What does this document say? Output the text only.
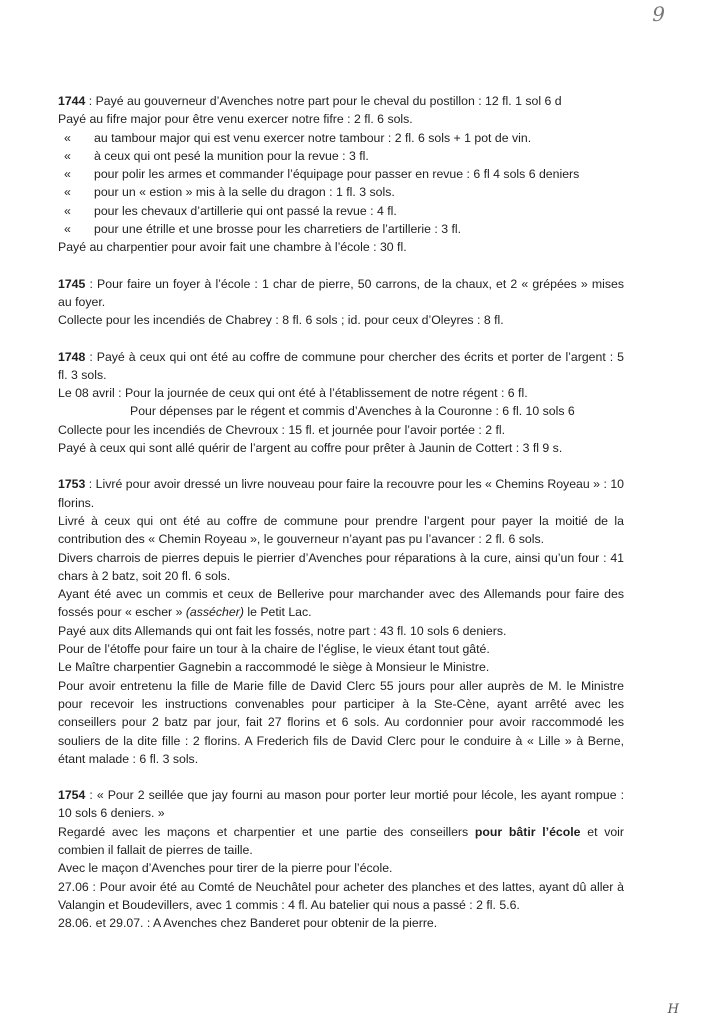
9
1744 : Payé au gouverneur d’Avenches notre part pour le cheval du postillon : 12 fl. 1 sol 6 d
Payé au fifre major pour être venu exercer notre fifre : 2 fl. 6 sols.
« au tambour major qui est venu exercer notre tambour : 2 fl. 6 sols + 1 pot de vin.
« à ceux qui ont pesé la munition pour la revue : 3 fl.
« pour polir les armes et commander l’équipage pour passer en revue : 6 fl 4 sols 6 deniers
« pour un « estion » mis à la selle du dragon : 1 fl. 3 sols.
« pour les chevaux d’artillerie qui ont passé la revue : 4 fl.
« pour une étrille et une brosse pour les charretiers de l’artillerie : 3 fl.
Payé au charpentier pour avoir fait une chambre à l’école : 30 fl.
1745 : Pour faire un foyer à l’école : 1 char de pierre, 50 carrons, de la chaux, et 2 « grépées » mises au foyer.
Collecte pour les incendiés de Chabrey : 8 fl. 6 sols ; id. pour ceux d’Oleyres : 8 fl.
1748 : Payé à ceux qui ont été au coffre de commune pour chercher des écrits et porter de l’argent : 5 fl. 3 sols.
Le 08 avril : Pour la journée de ceux qui ont été à l’établissement de notre régent : 6 fl.
Pour dépenses par le régent et commis d’Avenches à la Couronne : 6 fl. 10 sols 6
Collecte pour les incendiés de Chevroux : 15 fl. et journée pour l’avoir portée : 2 fl.
Payé à ceux qui sont allé quérir de l’argent au coffre pour prêter à Jaunin de Cottert : 3 fl 9 s.
1753 : Livré pour avoir dressé un livre nouveau pour faire la recouvre pour les « Chemins Royeau » : 10 florins.
Livré à ceux qui ont été au coffre de commune pour prendre l’argent pour payer la moitié de la contribution des « Chemin Royeau », le gouverneur n’ayant pas pu l’avancer : 2 fl. 6 sols.
Divers charrois de pierres depuis le pierrier d’Avenches pour réparations à la cure, ainsi qu’un four : 41 chars à 2 batz, soit 20 fl. 6 sols.
Ayant été avec un commis et ceux de Bellerive pour marchander avec des Allemands pour faire des fossés pour « escher » (assécher) le Petit Lac.
Payé aux dits Allemands qui ont fait les fossés, notre part : 43 fl. 10 sols 6 deniers.
Pour de l’étoffe pour faire un tour à la chaire de l’église, le vieux étant tout gâté.
Le Maître charpentier Gagnebin a raccommodé le siège à Monsieur le Ministre.
Pour avoir entretenu la fille de Marie fille de David Clerc 55 jours pour aller auprès de M. le Ministre pour recevoir les instructions convenables pour participer à la Ste-Cène, ayant arrêté avec les conseillers pour 2 batz par jour, fait 27 florins et 6 sols. Au cordonnier pour avoir raccommodé les souliers de la dite fille : 2 florins. A Frederich fils de David Clerc pour le conduire à « Lille » à Berne, étant malade : 6 fl. 3 sols.
1754 : « Pour 2 seillée que jay fourni au mason pour porter leur mortié pour lécole, les ayant rompue : 10 sols 6 deniers. »
Regardé avec les maçons et charpentier et une partie des conseillers pour bâtir l’école et voir combien il fallait de pierres de taille.
Avec le maçon d’Avenches pour tirer de la pierre pour l’école.
27.06 : Pour avoir été au Comté de Neuchâtel pour acheter des planches et des lattes, ayant dû aller à Valangin et Boudevillers, avec 1 commis : 4 fl. Au batelier qui nous a passé : 2 fl. 5.6.
28.06. et 29.07. : A Avenches chez Banderet pour obtenir de la pierre.
H
